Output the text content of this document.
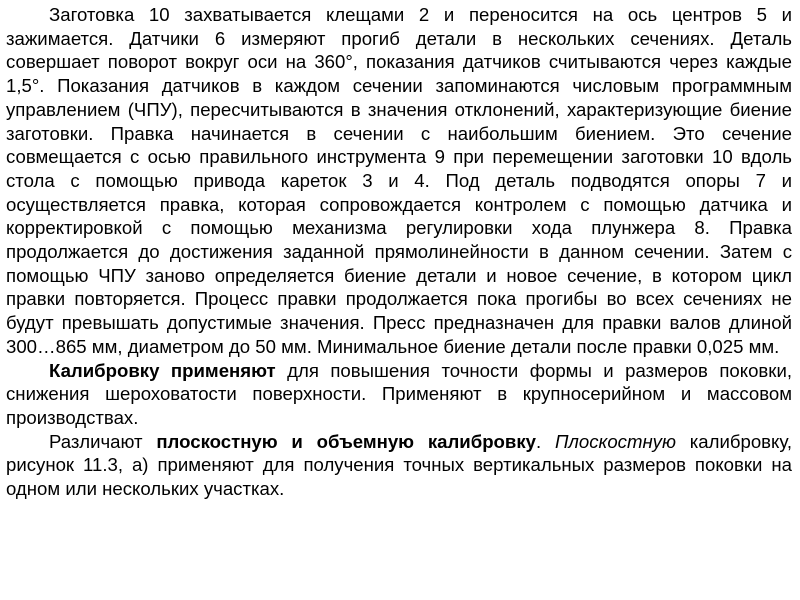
Заготовка 10 захватывается клещами 2 и переносится на ось центров 5 и зажимается. Датчики 6 измеряют прогиб детали в нескольких сечениях. Деталь совершает поворот вокруг оси на 360°, показания датчиков считываются через каждые 1,5°. Показания датчиков в каждом сечении запоминаются числовым программным управлением (ЧПУ), пересчитываются в значения отклонений, характеризующие биение заготовки. Правка начинается в сечении с наибольшим биением. Это сечение совмещается с осью правильного инструмента 9 при перемещении заготовки 10 вдоль стола с помощью привода кареток 3 и 4. Под деталь подводятся опоры 7 и осуществляется правка, которая сопровождается контролем с помощью датчика и корректировкой с помощью механизма регулировки хода плунжера 8. Правка продолжается до достижения заданной прямолинейности в данном сечении. Затем с помощью ЧПУ заново определяется биение детали и новое сечение, в котором цикл правки повторяется. Процесс правки продолжается пока прогибы во всех сечениях не будут превышать допустимые значения. Пресс предназначен для правки валов длиной 300…865 мм, диаметром до 50 мм. Минимальное биение детали после правки 0,025 мм.

Калибровку применяют для повышения точности формы и размеров поковки, снижения шероховатости поверхности. Применяют в крупносерийном и массовом производствах.

Различают плоскостную и объемную калибровку. Плоскостную калибровку, рисунок 11.3, а) применяют для получения точных вертикальных размеров поковки на одном или нескольких участках.
